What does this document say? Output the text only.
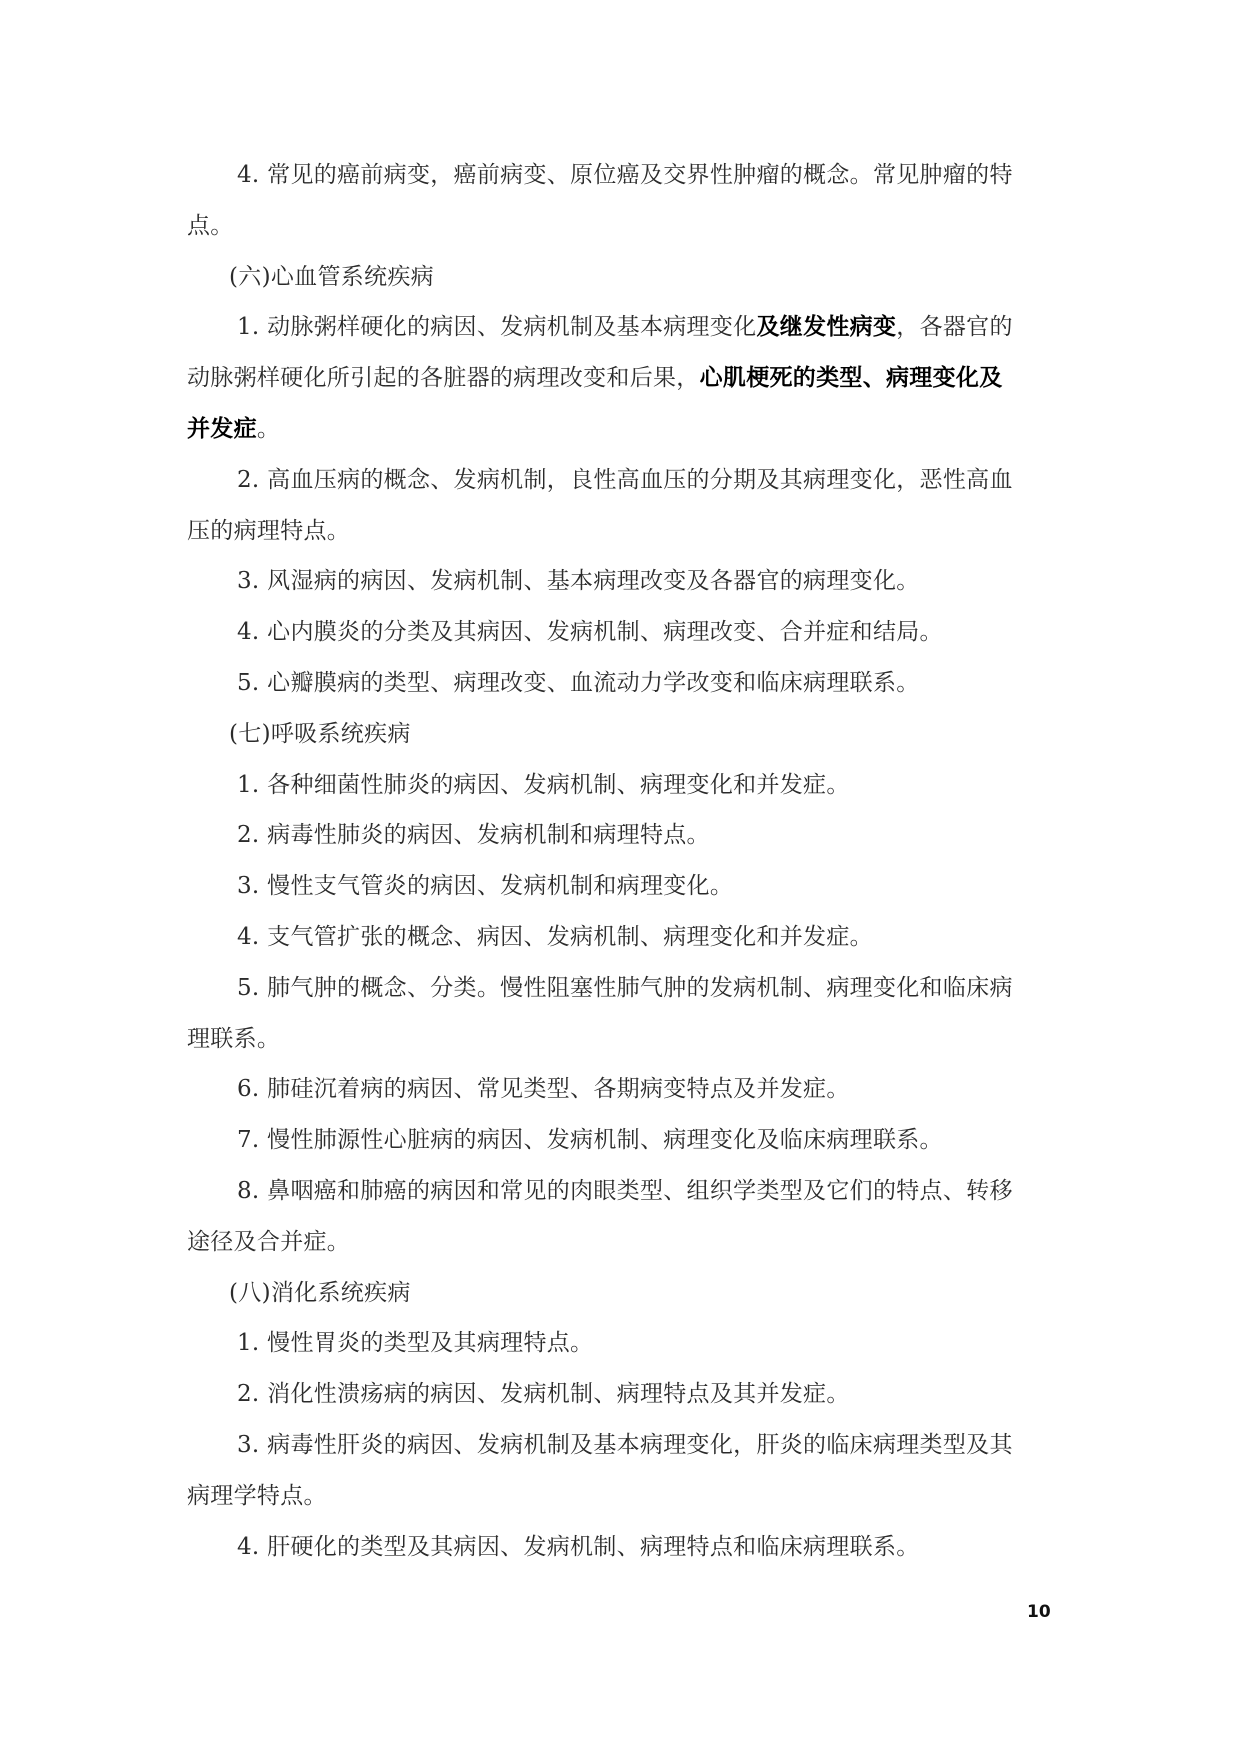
4. 常见的癌前病变，癌前病变、原位癌及交界性肿瘤的概念。常见肿瘤的特
点。
(六)心血管系统疾病
1. 动脉粥样硬化的病因、发病机制及基本病理变化及继发性病变，各器官的
动脉粥样硬化所引起的各脏器的病理改变和后果，心肌梗死的类型、病理变化及
并发症。
2. 高血压病的概念、发病机制，良性高血压的分期及其病理变化，恶性高血
压的病理特点。
3. 风湿病的病因、发病机制、基本病理改变及各器官的病理变化。
4. 心内膜炎的分类及其病因、发病机制、病理改变、合并症和结局。
5. 心瓣膜病的类型、病理改变、血流动力学改变和临床病理联系。
(七)呼吸系统疾病
1. 各种细菌性肺炎的病因、发病机制、病理变化和并发症。
2. 病毒性肺炎的病因、发病机制和病理特点。
3. 慢性支气管炎的病因、发病机制和病理变化。
4. 支气管扩张的概念、病因、发病机制、病理变化和并发症。
5. 肺气肿的概念、分类。慢性阻塞性肺气肿的发病机制、病理变化和临床病
理联系。
6. 肺硅沉着病的病因、常见类型、各期病变特点及并发症。
7. 慢性肺源性心脏病的病因、发病机制、病理变化及临床病理联系。
8. 鼻咽癌和肺癌的病因和常见的肉眼类型、组织学类型及它们的特点、转移
途径及合并症。
(八)消化系统疾病
1. 慢性胃炎的类型及其病理特点。
2. 消化性溃疡病的病因、发病机制、病理特点及其并发症。
3. 病毒性肝炎的病因、发病机制及基本病理变化，肝炎的临床病理类型及其
病理学特点。
4. 肝硬化的类型及其病因、发病机制、病理特点和临床病理联系。
10
